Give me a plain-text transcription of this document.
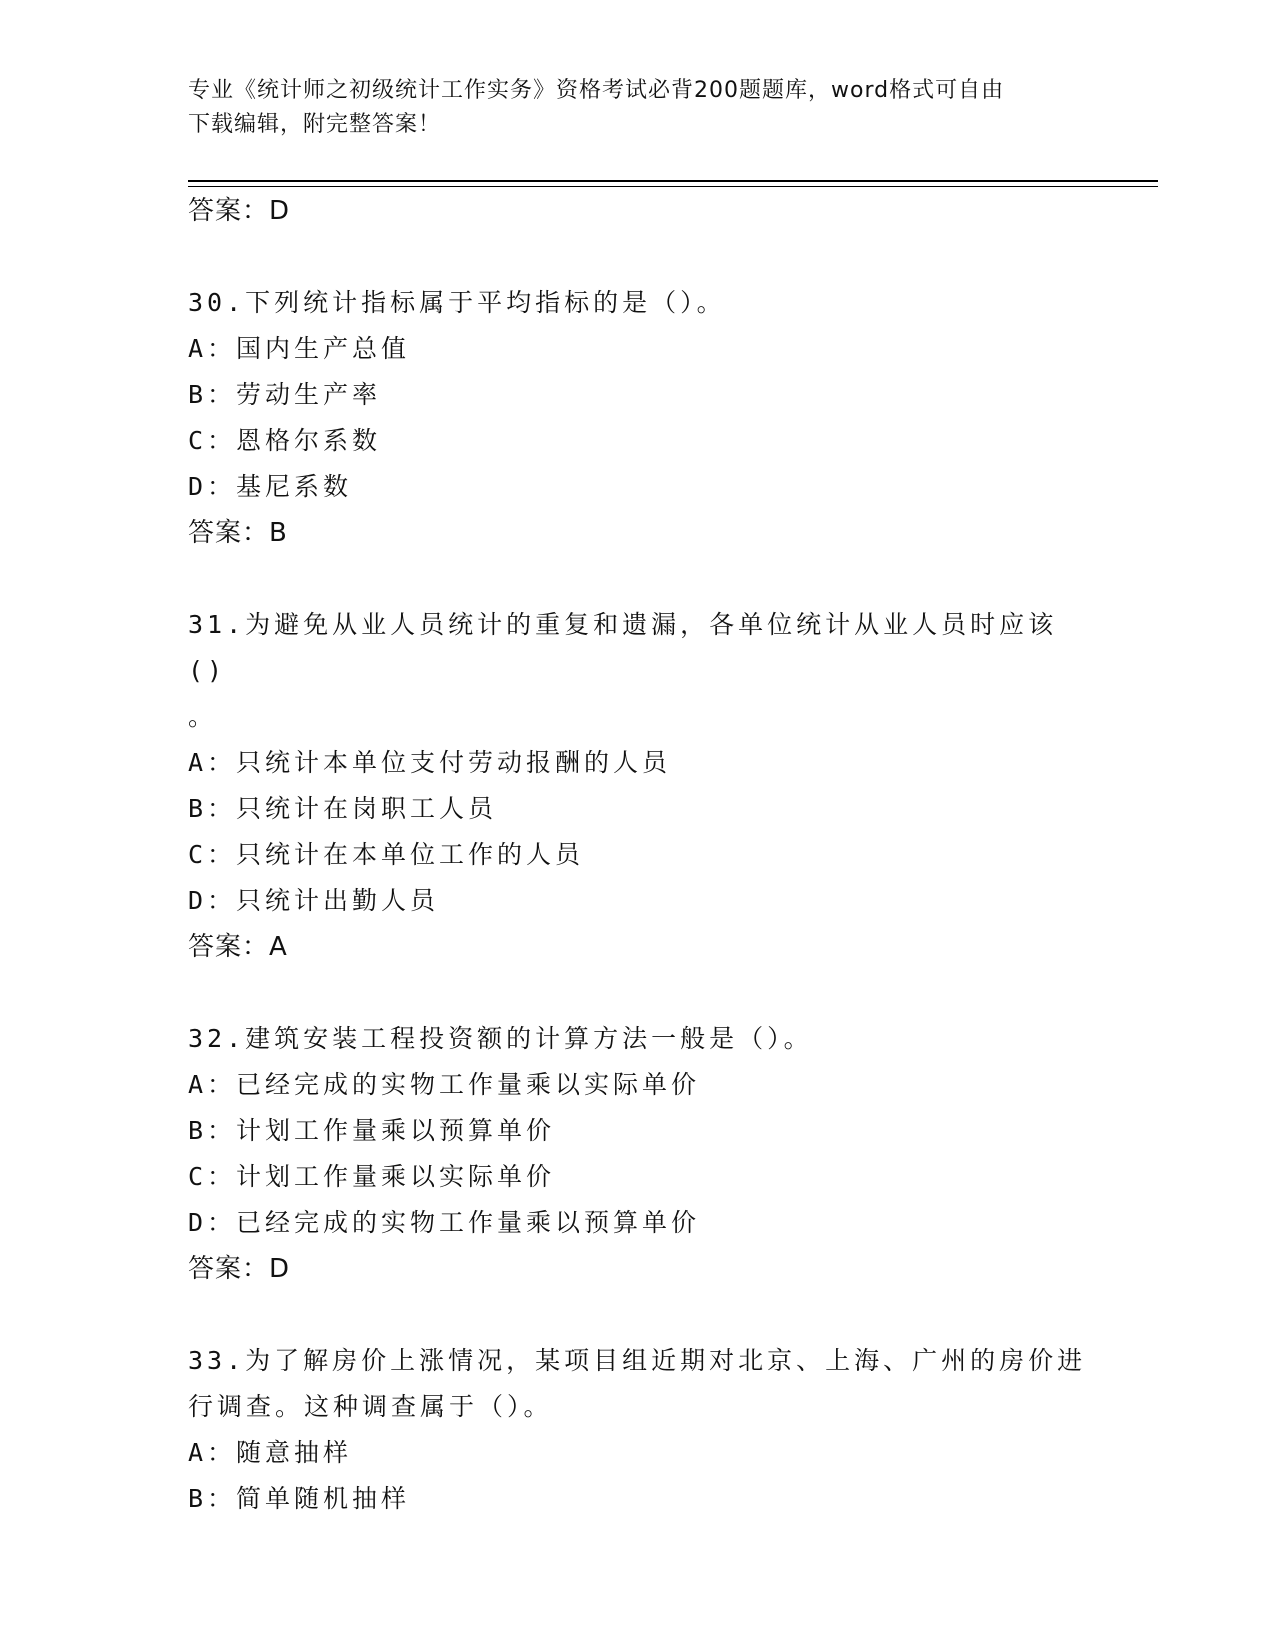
专业《统计师之初级统计工作实务》资格考试必背200题题库，word格式可自由
下载编辑，附完整答案！
答案：D
30.下列统计指标属于平均指标的是（）。
A：国内生产总值
B：劳动生产率
C：恩格尔系数
D：基尼系数
答案：B
31.为避免从业人员统计的重复和遗漏，各单位统计从业人员时应该()
。
A：只统计本单位支付劳动报酬的人员
B：只统计在岗职工人员
C：只统计在本单位工作的人员
D：只统计出勤人员
答案：A
32.建筑安装工程投资额的计算方法一般是（）。
A：已经完成的实物工作量乘以实际单价
B：计划工作量乘以预算单价
C：计划工作量乘以实际单价
D：已经完成的实物工作量乘以预算单价
答案：D
33.为了解房价上涨情况，某项目组近期对北京、上海、广州的房价进
行调查。这种调查属于（）。
A：随意抽样
B：简单随机抽样
